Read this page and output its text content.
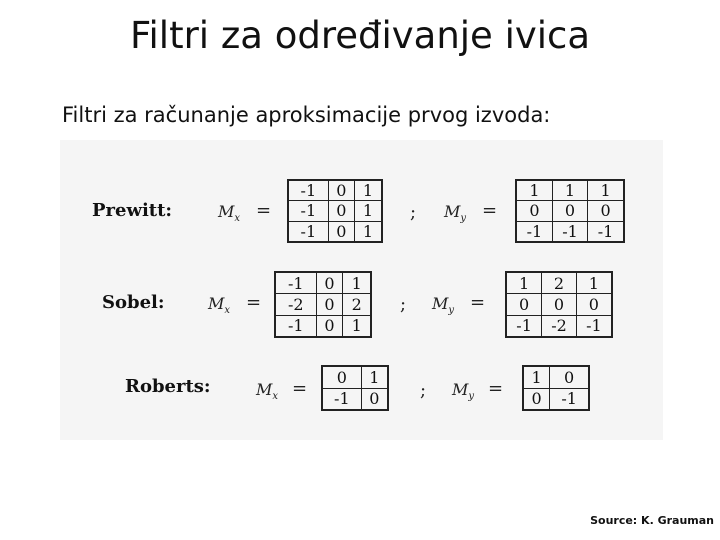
Filtri za određivanje ivica
Filtri za računanje aproksimacije prvog izvoda:
Prewitt:	$M_x$ =
-1	0	1
-1	0	1
-1	0	1
; $M_y$ =
1	1	1
0	0	0
-1	-1	-1
Sobel:	$M_x$ =
-1	0	1
-2	0	2
-1	0	1
; $M_y$ =
1	2	1
0	0	0
-1	-2	-1
Roberts:	$M_x$ =
0	1
-1	0 ; $M_y$ =
1	0
0	-1
Source: K. Grauman
